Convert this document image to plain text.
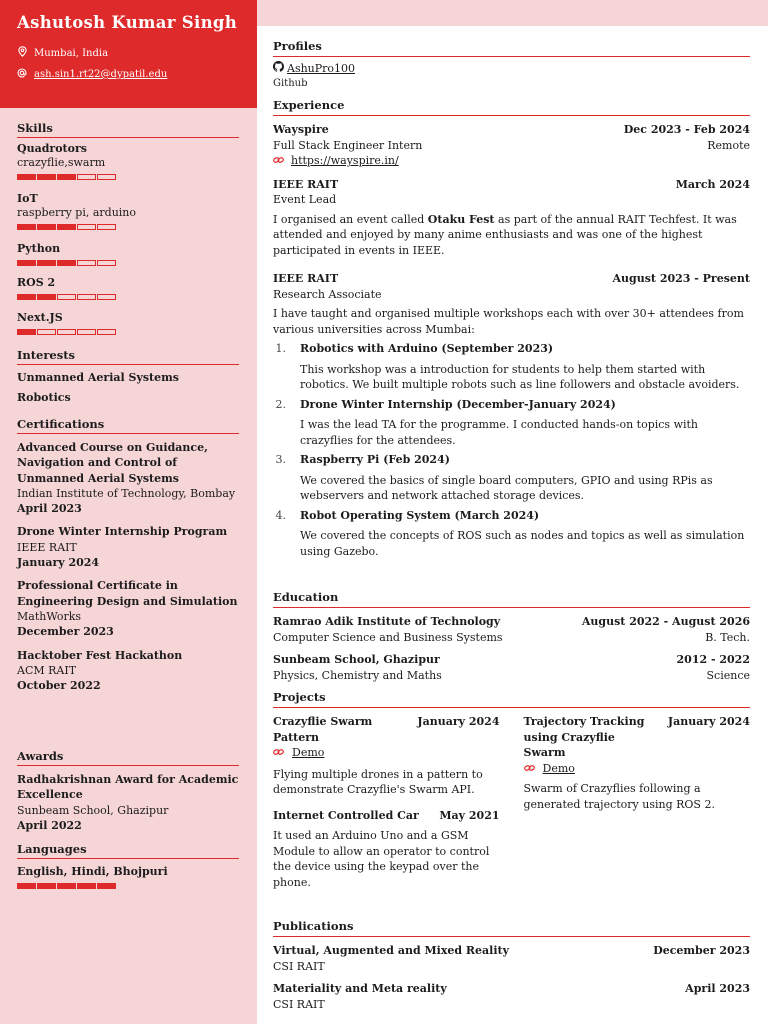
Ashutosh Kumar Singh
Mumbai, India
ash.sin1.rt22@dypatil.edu
Skills
Quadrotors
crazyflie,swarm
IoT
raspberry pi, arduino
Python
ROS 2
Next.JS
Interests
Unmanned Aerial Systems
Robotics
Certifications
Advanced Course on Guidance, Navigation and Control of Unmanned Aerial Systems
Indian Institute of Technology, Bombay
April 2023
Drone Winter Internship Program
IEEE RAIT
January 2024
Professional Certificate in Engineering Design and Simulation
MathWorks
December 2023
Hacktober Fest Hackathon
ACM RAIT
October 2022
Awards
Radhakrishnan Award for Academic Excellence
Sunbeam School, Ghazipur
April 2022
Languages
English, Hindi, Bhojpuri
Profiles
AshuPro100
Github
Experience
Wayspire	Dec 2023 - Feb 2024
Full Stack Engineer Intern	Remote
https://wayspire.in/
IEEE RAIT	March 2024
Event Lead
I organised an event called Otaku Fest as part of the annual RAIT Techfest. It was attended and enjoyed by many anime enthusiasts and was one of the highest participated in events in IEEE.
IEEE RAIT	August 2023 - Present
Research Associate
I have taught and organised multiple workshops each with over 30+ attendees from various universities across Mumbai:
1.	Robotics with Arduino (September 2023)
This workshop was a introduction for students to help them started with robotics. We built multiple robots such as line followers and obstacle avoiders.
2.	Drone Winter Internship (December-January 2024)
I was the lead TA for the programme. I conducted hands-on topics with crazyflies for the attendees.
3.	Raspberry Pi (Feb 2024)
We covered the basics of single board computers, GPIO and using RPis as webservers and network attached storage devices.
4.	Robot Operating System (March 2024)
We covered the concepts of ROS such as nodes and topics as well as simulation using Gazebo.
Education
Ramrao Adik Institute of Technology	August 2022 - August 2026
Computer Science and Business Systems	B. Tech.
Sunbeam School, Ghazipur	2012 - 2022
Physics, Chemistry and Maths	Science
Projects
Crazyflie Swarm Pattern
January 2024
Demo
Flying multiple drones in a pattern to demonstrate Crazyflie's Swarm API.
Internet Controlled Car May 2021
It used an Arduino Uno and a GSM Module to allow an operator to control the device using the keypad over the phone.
Trajectory Tracking using Crazyflie Swarm
January 2024
Demo
Swarm of Crazyflies following a generated trajectory using ROS 2.
Publications
Virtual, Augmented and Mixed Reality	December 2023
CSI RAIT
Materiality and Meta reality	April 2023
CSI RAIT
